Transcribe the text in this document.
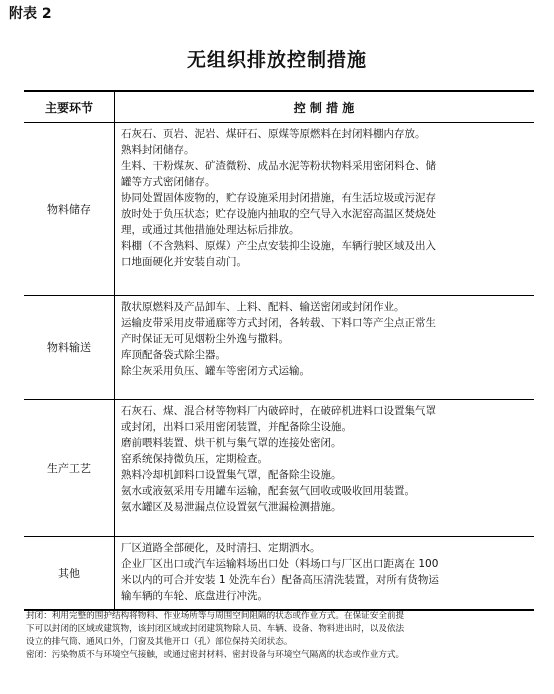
附表 2
无组织排放控制措施
主要环节	控 制 措 施
物料储存
石灰石、页岩、泥岩、煤矸石、原煤等原燃料在封闭料棚内存放。
熟料封闭储存。
生料、干粉煤灰、矿渣微粉、成品水泥等粉状物料采用密闭料仓、储
罐等方式密闭储存。
协同处置固体废物的，贮存设施采用封闭措施，有生活垃圾或污泥存
放时处于负压状态；贮存设施内抽取的空气导入水泥窑高温区焚烧处
理，或通过其他措施处理达标后排放。
料棚（不含熟料、原煤）产尘点安装抑尘设施，车辆行驶区域及出入
口地面硬化并安装自动门。
物料输送
散状原燃料及产品卸车、上料、配料、输送密闭或封闭作业。
运输皮带采用皮带通廊等方式封闭，各转载、下料口等产尘点正常生
产时保证无可见烟粉尘外逸与撒料。
库顶配备袋式除尘器。
除尘灰采用负压、罐车等密闭方式运输。
生产工艺
石灰石、煤、混合材等物料厂内破碎时，在破碎机进料口设置集气罩
或封闭，出料口采用密闭装置，并配备除尘设施。
磨前喂料装置、烘干机与集气罩的连接处密闭。
窑系统保持微负压，定期检查。
熟料冷却机卸料口设置集气罩，配备除尘设施。
氨水或液氨采用专用罐车运输，配套氨气回收或吸收回用装置。
氨水罐区及易泄漏点位设置氨气泄漏检测措施。
其他
厂区道路全部硬化，及时清扫、定期洒水。
企业厂区出口或汽车运输料场出口处（料场口与厂区出口距离在 100
米以内的可合并安装 1 处洗车台）配备高压清洗装置，对所有货物运
输车辆的车轮、底盘进行冲洗。
封闭：利用完整的围护结构将物料、作业场所等与周围空间阻隔的状态或作业方式。在保证安全前提
下可以封闭的区域或建筑物，该封闭区域或封闭建筑物除人员、车辆、设备、物料进出时，以及依法
设立的排气筒、通风口外，门窗及其他开口（孔）部位保持关闭状态。
密闭：污染物质不与环境空气接触，或通过密封材料、密封设备与环境空气隔离的状态或作业方式。
